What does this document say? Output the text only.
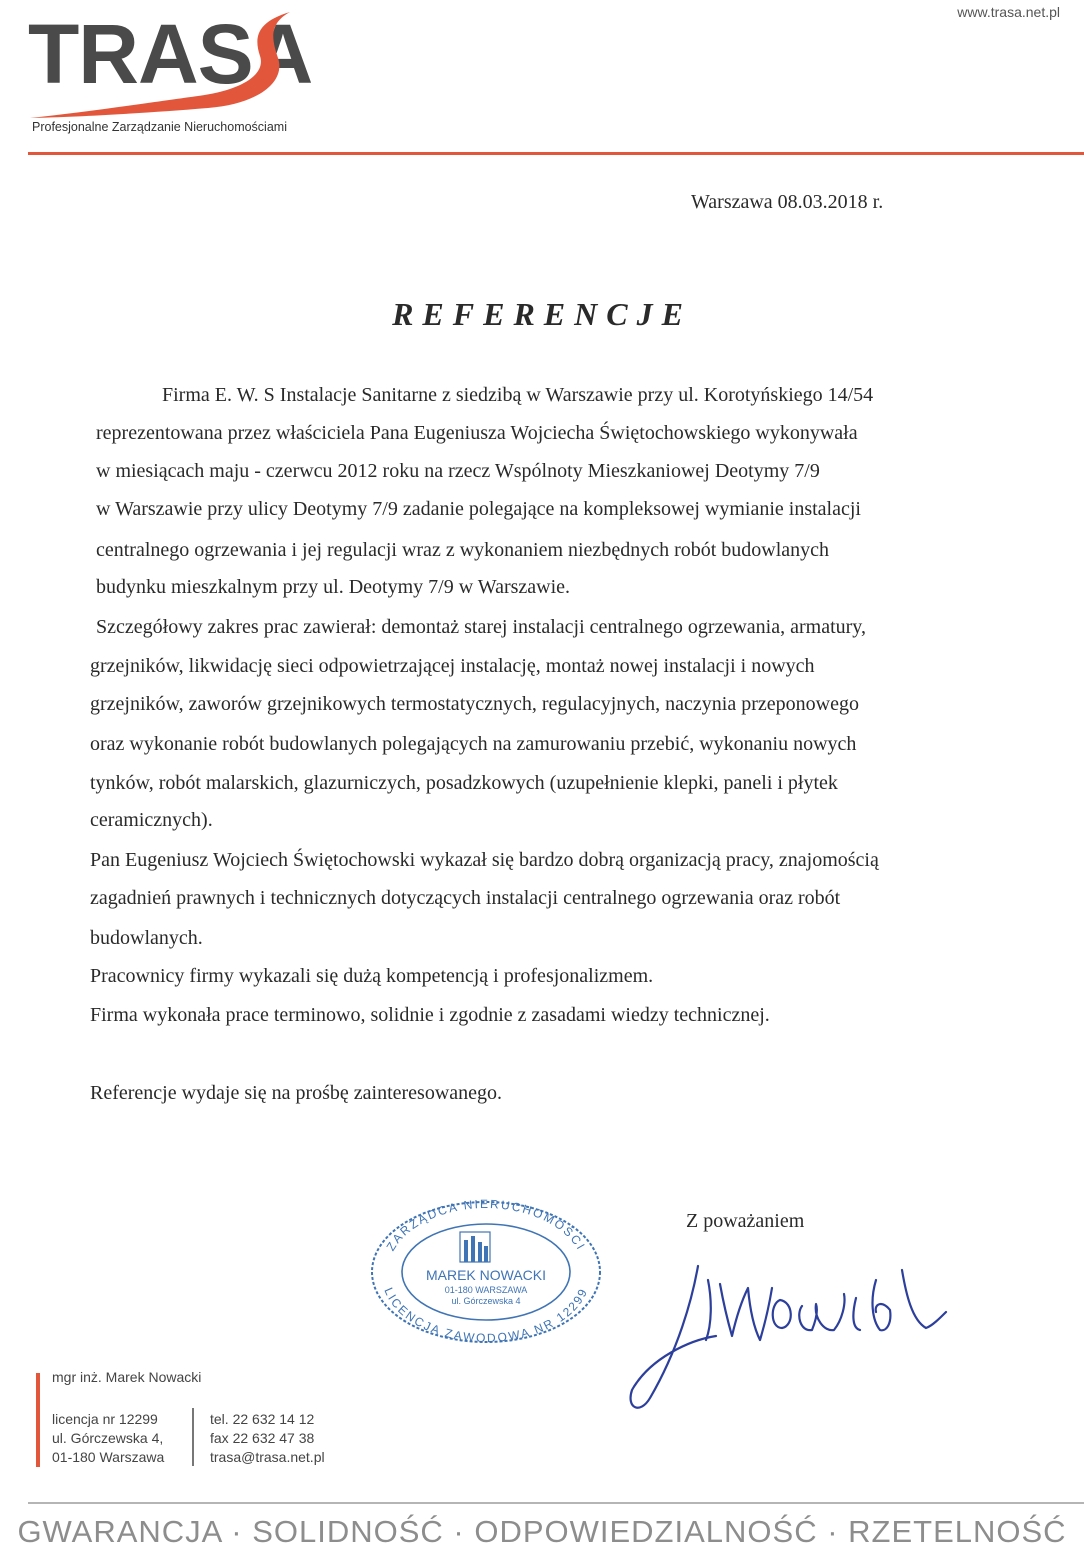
TRASA
Profesjonalne Zarządzanie Nieruchomościami
www.trasa.net.pl
Warszawa 08.03.2018 r.
REFERENCJE
Firma E. W. S Instalacje Sanitarne z siedzibą w Warszawie przy ul. Korotyńskiego 14/54
reprezentowana przez właściciela Pana Eugeniusza Wojciecha Świętochowskiego wykonywała
w miesiącach maju - czerwcu 2012 roku na rzecz Wspólnoty Mieszkaniowej Deotymy 7/9
w Warszawie przy ulicy Deotymy 7/9 zadanie polegające na kompleksowej wymianie instalacji
centralnego ogrzewania i jej regulacji wraz z wykonaniem niezbędnych robót budowlanych
budynku mieszkalnym przy ul. Deotymy 7/9 w Warszawie.
Szczegółowy zakres prac zawierał: demontaż starej instalacji centralnego ogrzewania, armatury,
grzejników, likwidację sieci odpowietrzającej instalację, montaż nowej instalacji i nowych
grzejników, zaworów grzejnikowych termostatycznych, regulacyjnych, naczynia przeponowego
oraz wykonanie robót budowlanych polegających na zamurowaniu przebić, wykonaniu nowych
tynków, robót malarskich, glazurniczych, posadzkowych (uzupełnienie klepki, paneli i płytek
ceramicznych).
Pan Eugeniusz Wojciech Świętochowski wykazał się bardzo dobrą organizacją pracy, znajomością
zagadnień prawnych i technicznych dotyczących instalacji centralnego ogrzewania oraz robót
budowlanych.
Pracownicy firmy wykazali się dużą kompetencją i profesjonalizmem.
Firma wykonała prace terminowo, solidnie i zgodnie z zasadami wiedzy technicznej.
Referencje wydaje się na prośbę zainteresowanego.
Z poważaniem
ZARZĄDCA NIERUCHOMOŚCI
LICENCJA ZAWODOWA NR 12299
MAREK NOWACKI
01-180 WARSZAWA
ul. Górczewska 4
mgr inż. Marek Nowacki
licencja nr 12299
ul. Górczewska 4,
01-180 Warszawa
tel. 22 632 14 12
fax 22 632 47 38
trasa@trasa.net.pl
GWARANCJA · SOLIDNOŚĆ · ODPOWIEDZIALNOŚĆ · RZETELNOŚĆ
